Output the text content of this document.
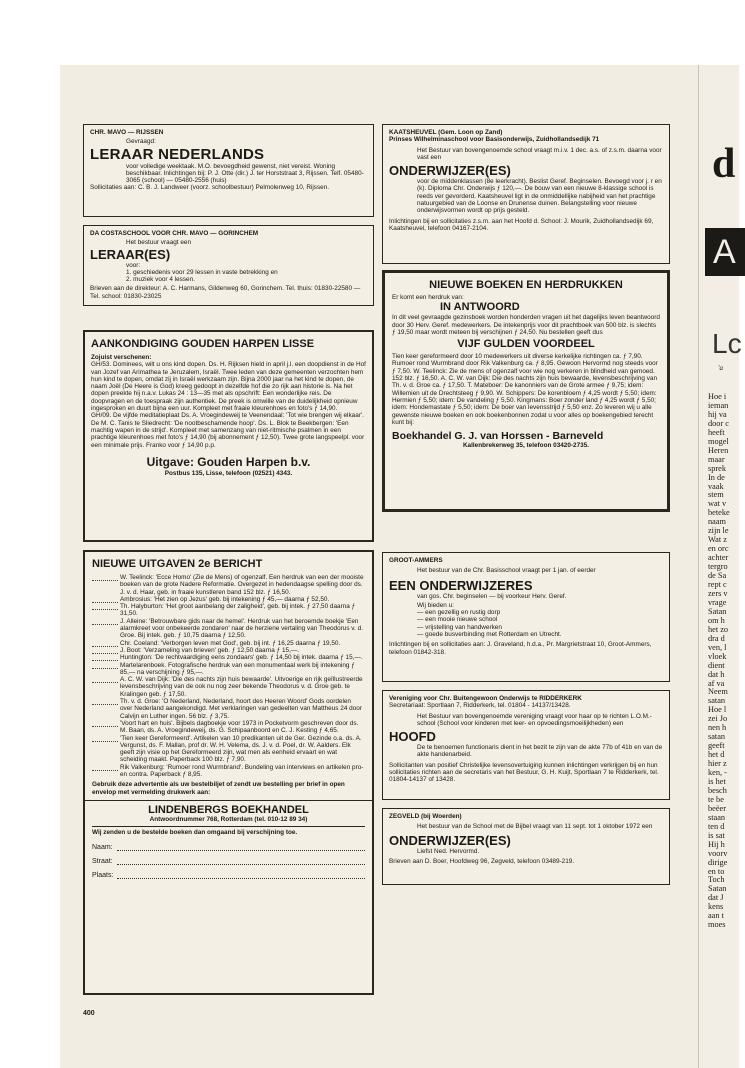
CHR. MAVO — RIJSSEN

Gevraagd:

LERAAR NEDERLANDS

voor volledige weektaak. M.O. bevoegdheid gewenst, niet vereist. Woning beschikbaar. Inlichtingen bij: P. J. Otte (dir.) J. ter Horststraat 3, Rijssen. Telf. 05480-3065 (school) — 05480-2556 (huis)

Sollicitaties aan: C. B. J. Landweer (voorz. schoolbestuur) Pelmolenweg 10, Rijssen.

DA COSTASCHOOL VOOR CHR. MAVO — GORINCHEM

Het bestuur vraagt een

LERAAR(ES)

voor:

1. geschiedenis voor 29 lessen in vaste betrekking en

2. muziek voor 4 lessen.

Brieven aan de direkteur: A. C. Harmans, Gildenweg 60, Gorinchem. Tel. thuis: 01830-22580 — Tel. school: 01830-23025

AANKONDIGING GOUDEN HARPEN LISSE

Zojuist verschenen:

GH/53. Dominees, wilt u ons kind dopen. Ds. H. Rijksen hield in april j.l. een doopdienst in de Hof van Jozef van Arimathea te Jeruzalem, Israël. Twee leden van deze gemeenten verzochten hem hun kind te dopen, omdat zij in Israël werkzaam zijn. Bijna 2000 jaar na het kind te dopen, de naam Joël (De Heere is God) kreeg gedoopt in dezelfde hof die zo rijk aan historie is. Na het dopen preekte hij n.a.v. Lukas 24 : 13—35 met als opschrift: Een wonderlijke reis. De doopvragen en de toespraak zijn authentiek. De preek is omwille van de duidelijkheid opnieuw ingesproken en duurt bijna een uur. Kompleet met fraaie kleurenhoes en foto's ƒ 14,90.

GH/09. De vijfde meditatieplaat Ds. A. Vroegindeweij te Veenendaal: 'Tot wie brengen wij elkaar'. De M. C. Tanis te Sliedrecht: 'De nootbeschamende hoop'. Ds. L. Blok te Beekbergen: 'Een machtig wapen in de strijd'. Kompleet met samenzang van niet-ritmische psalmen in een prachtige kleurenhoes met foto's ƒ 14,90 (bij abonnement ƒ 12,50). Twee grote langspeelpl. voor een minimale prijs. Franko voor ƒ 14,90 p.p.

Uitgave: Gouden Harpen b.v.

Postbus 135, Lisse, telefoon (02521) 4343.

NIEUWE UITGAVEN 2e BERICHT

W. Teelinck: 'Ecce Homo' (Zie de Mens) of ogenzalf. Een herdruk van een der mooiste boeken van de grote Nadere Reformatie. Overgezet in hedendaagse spelling door ds. J. v. d. Haar, geb. in fraaie kunstleren band 152 blz. ƒ 16,50.

Ambrosius: 'Het zien op Jezus' geb. bij intekening ƒ 45,— daarna ƒ 52,50.

Th. Halyburton: 'Het groot aanbelang der zaligheid', geb. bij intek. ƒ 27,50 daarna ƒ 31,50.

J. Alleine: 'Betrouwbare gids naar de hemel'. Herdruk van het beroemde boekje 'Een alarmkreet voor onbekeerde zondaren' naar de herziene vertaling van Theodorus v. d. Groe. Bij intek. geb. ƒ 10,75 daarna ƒ 12,50.

Chr. Coeland: 'Verborgen leven met God', geb. bij int. ƒ 16,25 daarna ƒ 19,50.

J. Boot: 'Verzameling van brieven' geb. ƒ 12,50 daarna ƒ 15,—.

Huntington: 'De rechtvaardiging eens zondaars' geb. ƒ 14,50 bij intek. daarna ƒ 15,—.

Martelarenboek. Fotografische herdruk van een monumentaal werk bij intekening ƒ 85,— na verschijning ƒ 95,—.

A. C. W. van Dijk: 'Die des nachts zijn huis bewaarde'. Uitvoerige en rijk geïllustreerde levensbeschrijving van de ook nu nog zeer bekende Theodorus v. d. Groe geb. te Kralingen geb. ƒ 17,50.

Th. v. d. Groe: 'O Nederland, Nederland, hoort des Heeren Woord' Gods oordelen over Nederland aangekondigd. Met verklaringen van gedeelten van Mattheus 24 door Calvijn en Luther ingen. 56 blz. ƒ 3,75.

'Voort hart en huis'. Bijbels dagboekje voor 1973 in Pocketvorm geschreven door ds. M. Baan, ds. A. Vroegindeweij, ds. G. Schipaanboord en C. J. Kesting ƒ 4,65.

'Tien keer Gereformeerd'. Artikelen van 10 predikanten uit de Ger. Gezinde o.a. ds. A. Vergunst, ds. F. Mallan, prof dr. W. H. Velema, ds. J. v. d. Poel, dr. W. Aalders. Elk geeft zijn visie op het Gereformeerd zijn, wat men als eenheid ervaart en wat scheiding maakt. Paperback 100 blz. ƒ 7,90.

Rik Valkenburg: 'Rumoer rond Wurmbrand'. Bundeling van interviews en artikelen pro- en contra. Paperback ƒ 8,95.

Gebruik deze advertentie als uw bestelbiljet of zendt uw bestelling per brief in open envelop met vermelding drukwerk aan:

LINDENBERGS BOEKHANDEL

Antwoordnummer 768, Rotterdam (tel. 010-12 89 34)

Wij zenden u de bestelde boeken dan omgaand bij verschijning toe.

Naam:
Straat:
Plaats:

KAATSHEUVEL (Gem. Loon op Zand)

Prinses Wilhelminaschool voor Basisonderwijs, Zuidhollandsedijk 71

Het Bestuur van bovengenoemde school vraagt m.i.v. 1 dec. a.s. of z.s.m. daarna voor vast een

ONDERWIJZER(ES)

voor de middenklassen (8e leerkracht). Beslist Geref. Beginselen. Bevoegd voor j. r en (k). Diploma Chr. Onderwijs ƒ 120,—. De bouw van een nieuwe 8-klassige school is reeds ver gevorderd. Kaatsheuvel ligt in de onmiddellijke nabijheid van het prachtige natuurgebied van de Loonse en Drunense duinen. Belangstelling voor nieuwe onderwijsvormen wordt op prijs gesteld.

Inlichtingen bij en sollicitaties z.s.m. aan het Hoofd d. School: J. Mourik, Zuidhollandsedijk 69, Kaatsheuvel, telefoon 04167-2104.

NIEUWE BOEKEN EN HERDRUKKEN

Er komt een herdruk van:

IN ANTWOORD

In dit veel gevraagde gezinsboek worden honderden vragen uit het dagelijks leven beantwoord door 30 Herv. Geref. medewerkers. De intekenprijs voor dit prachtboek van 500 blz. is slechts ƒ 19,50 maar wordt meteen bij verschijnen ƒ 24,50. Nu bestellen geeft dus

VIJF GULDEN VOORDEEL

Tien keer gereformeerd door 10 medewerkers uit diverse kerkelijke richtingen ca. ƒ 7,90. Rumoer rond Wurmbrand door Rik Valkenburg ca. ƒ 8,95. Gewoon Hervormd nog steeds voor ƒ 7,50. W. Teelinck: Zie de mens of ogenzalf voor wie nog verkeren in blindheid van gemoed. 152 blz. ƒ 16,50. A. C. W. van Dijk: Die des nachts zijn huis bewaarde, levensbeschrijving van Th. v. d. Groe ca. ƒ 17,50. T. Mateboer: De kanonniers van de Grote armee ƒ 9,75; idem: Willemien uit de Drechtsteeg ƒ 9,90. W. Schippers: De korenbloem ƒ 4,25 wordt ƒ 5,50; idem: Hermien ƒ 5,50; idem: De vandeling ƒ 5,50. Kingmans: Boer zonder land ƒ 4,25 wordt ƒ 5,50; idem: Hondemastate ƒ 5,50; idem: De boer van levensstrijd ƒ 5,50 enz. Zo leveren wij u alle gewenste nieuwe boeken en ook boekenbonnen zodat u voor alles op boekengebied terecht kunt bij:

Boekhandel G. J. van Horssen - Barneveld

Kallenbrekerweg 35, telefoon 03420-2735.

GROOT-AMMERS

Het bestuur van de Chr. Basisschool vraagt per 1 jan. of eerder

EEN ONDERWIJZERES

van gos. Chr. beginselen — bij voorkeur Herv. Geref.

Wij bieden u:

— een gezellig en rustig dorp

— een mooie nieuwe school

— vrijstelling van handwerken

— goede busverbinding met Rotterdam en Utrecht.

Inlichtingen bij en sollicitaties aan: J. Graveland, h.d.a., Pr. Margrietstraat 10, Groot-Ammers, telefoon 01842-318.

Vereniging voor Chr. Buitengewoon Onderwijs te RIDDERKERK

Secretariaat: Sportlaan 7, Ridderkerk, tel. 01804 - 14137/13428.

Het Bestuur van bovengenoemde vereniging vraagt voor haar op te richten L.O.M.-school (School voor kinderen met leer- en opvoedingsmoeilijkheden) een

HOOFD

De te benoemen functionaris dient in het bezit te zijn van de akte 77b of 41b en van de akte handenarbeid.

Sollicitanten van positief Christelijke levensovertuiging kunnen inlichtingen verkrijgen bij en hun sollicitaties richten aan de secretaris van het Bestuur, G. H. Kuijt, Sportlaan 7 te Ridderkerk, tel. 01804-14137 of 13428.

ZEGVELD (bij Woerden)

Het bestuur van de School met de Bijbel vraagt van 11 sept. tot 1 oktober 1972 een

ONDERWIJZER(ES)

Liefst Ned. Hervormd.

Brieven aan D. Boer, Hoofdweg 96, Zegveld, telefoon 03489-219.

d
A
Lc
'a
Hoe i
ieman
hij va
door c
heeft
mogel
Heren
maar
sprek
In de
vaak
stem
wat v
beteke
naam
zijn le
Wat z
en orc
achter
tergro
de Sa
rept c
zers v
vrage
Satan
om h
het zo
dra d
ven, l
vloek
dient
dat h
af va
Neem
satan
Hoe l
zei Jo
nen h
satan
geeft
het d
hier z
ken, -
is het
besch
te be
beëer
staan
ten d
is sat
Hij h
voorv
dirige
en to
Toch
Satan
dat J
kens
aan t
moes
400
